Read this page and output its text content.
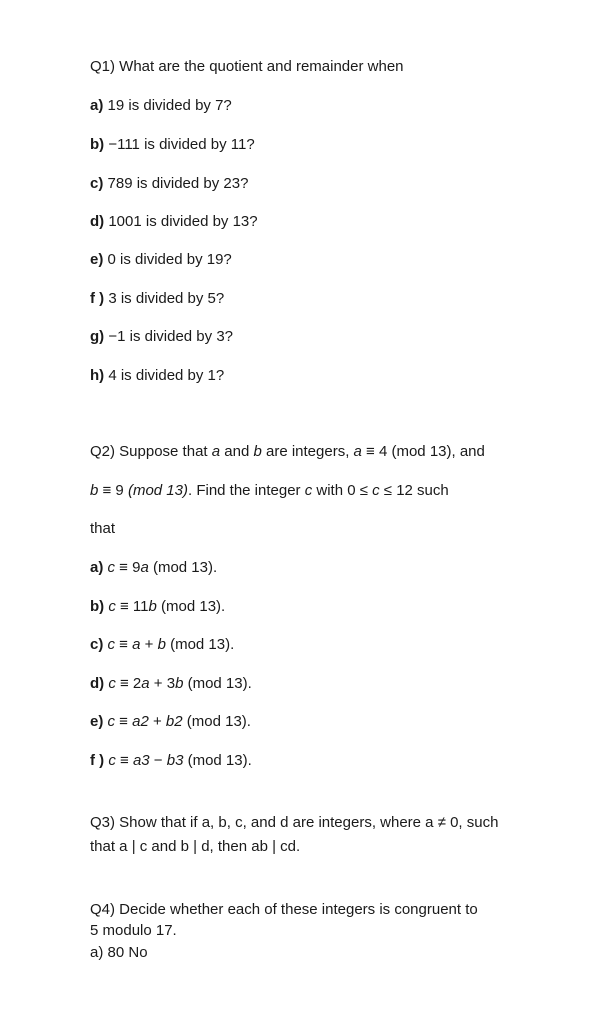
Q1) What are the quotient and remainder when
a) 19 is divided by 7?
b) −111 is divided by 11?
c) 789 is divided by 23?
d) 1001 is divided by 13?
e) 0 is divided by 19?
f ) 3 is divided by 5?
g) −1 is divided by 3?
h) 4 is divided by 1?
Q2) Suppose that a and b are integers, a ≡ 4 (mod 13), and
b ≡ 9 (mod 13). Find the integer c with 0 ≤ c ≤ 12 such
that
a) c ≡ 9a (mod 13).
b) c ≡ 11b (mod 13).
c) c ≡ a + b (mod 13).
d) c ≡ 2a + 3b (mod 13).
e) c ≡ a2 + b2 (mod 13).
f ) c ≡ a3 − b3 (mod 13).
Q3) Show that if a, b, c, and d are integers, where a ≠ 0, such
that a | c and b | d, then ab | cd.
Q4) Decide whether each of these integers is congruent to
5 modulo 17.
a) 80 No
